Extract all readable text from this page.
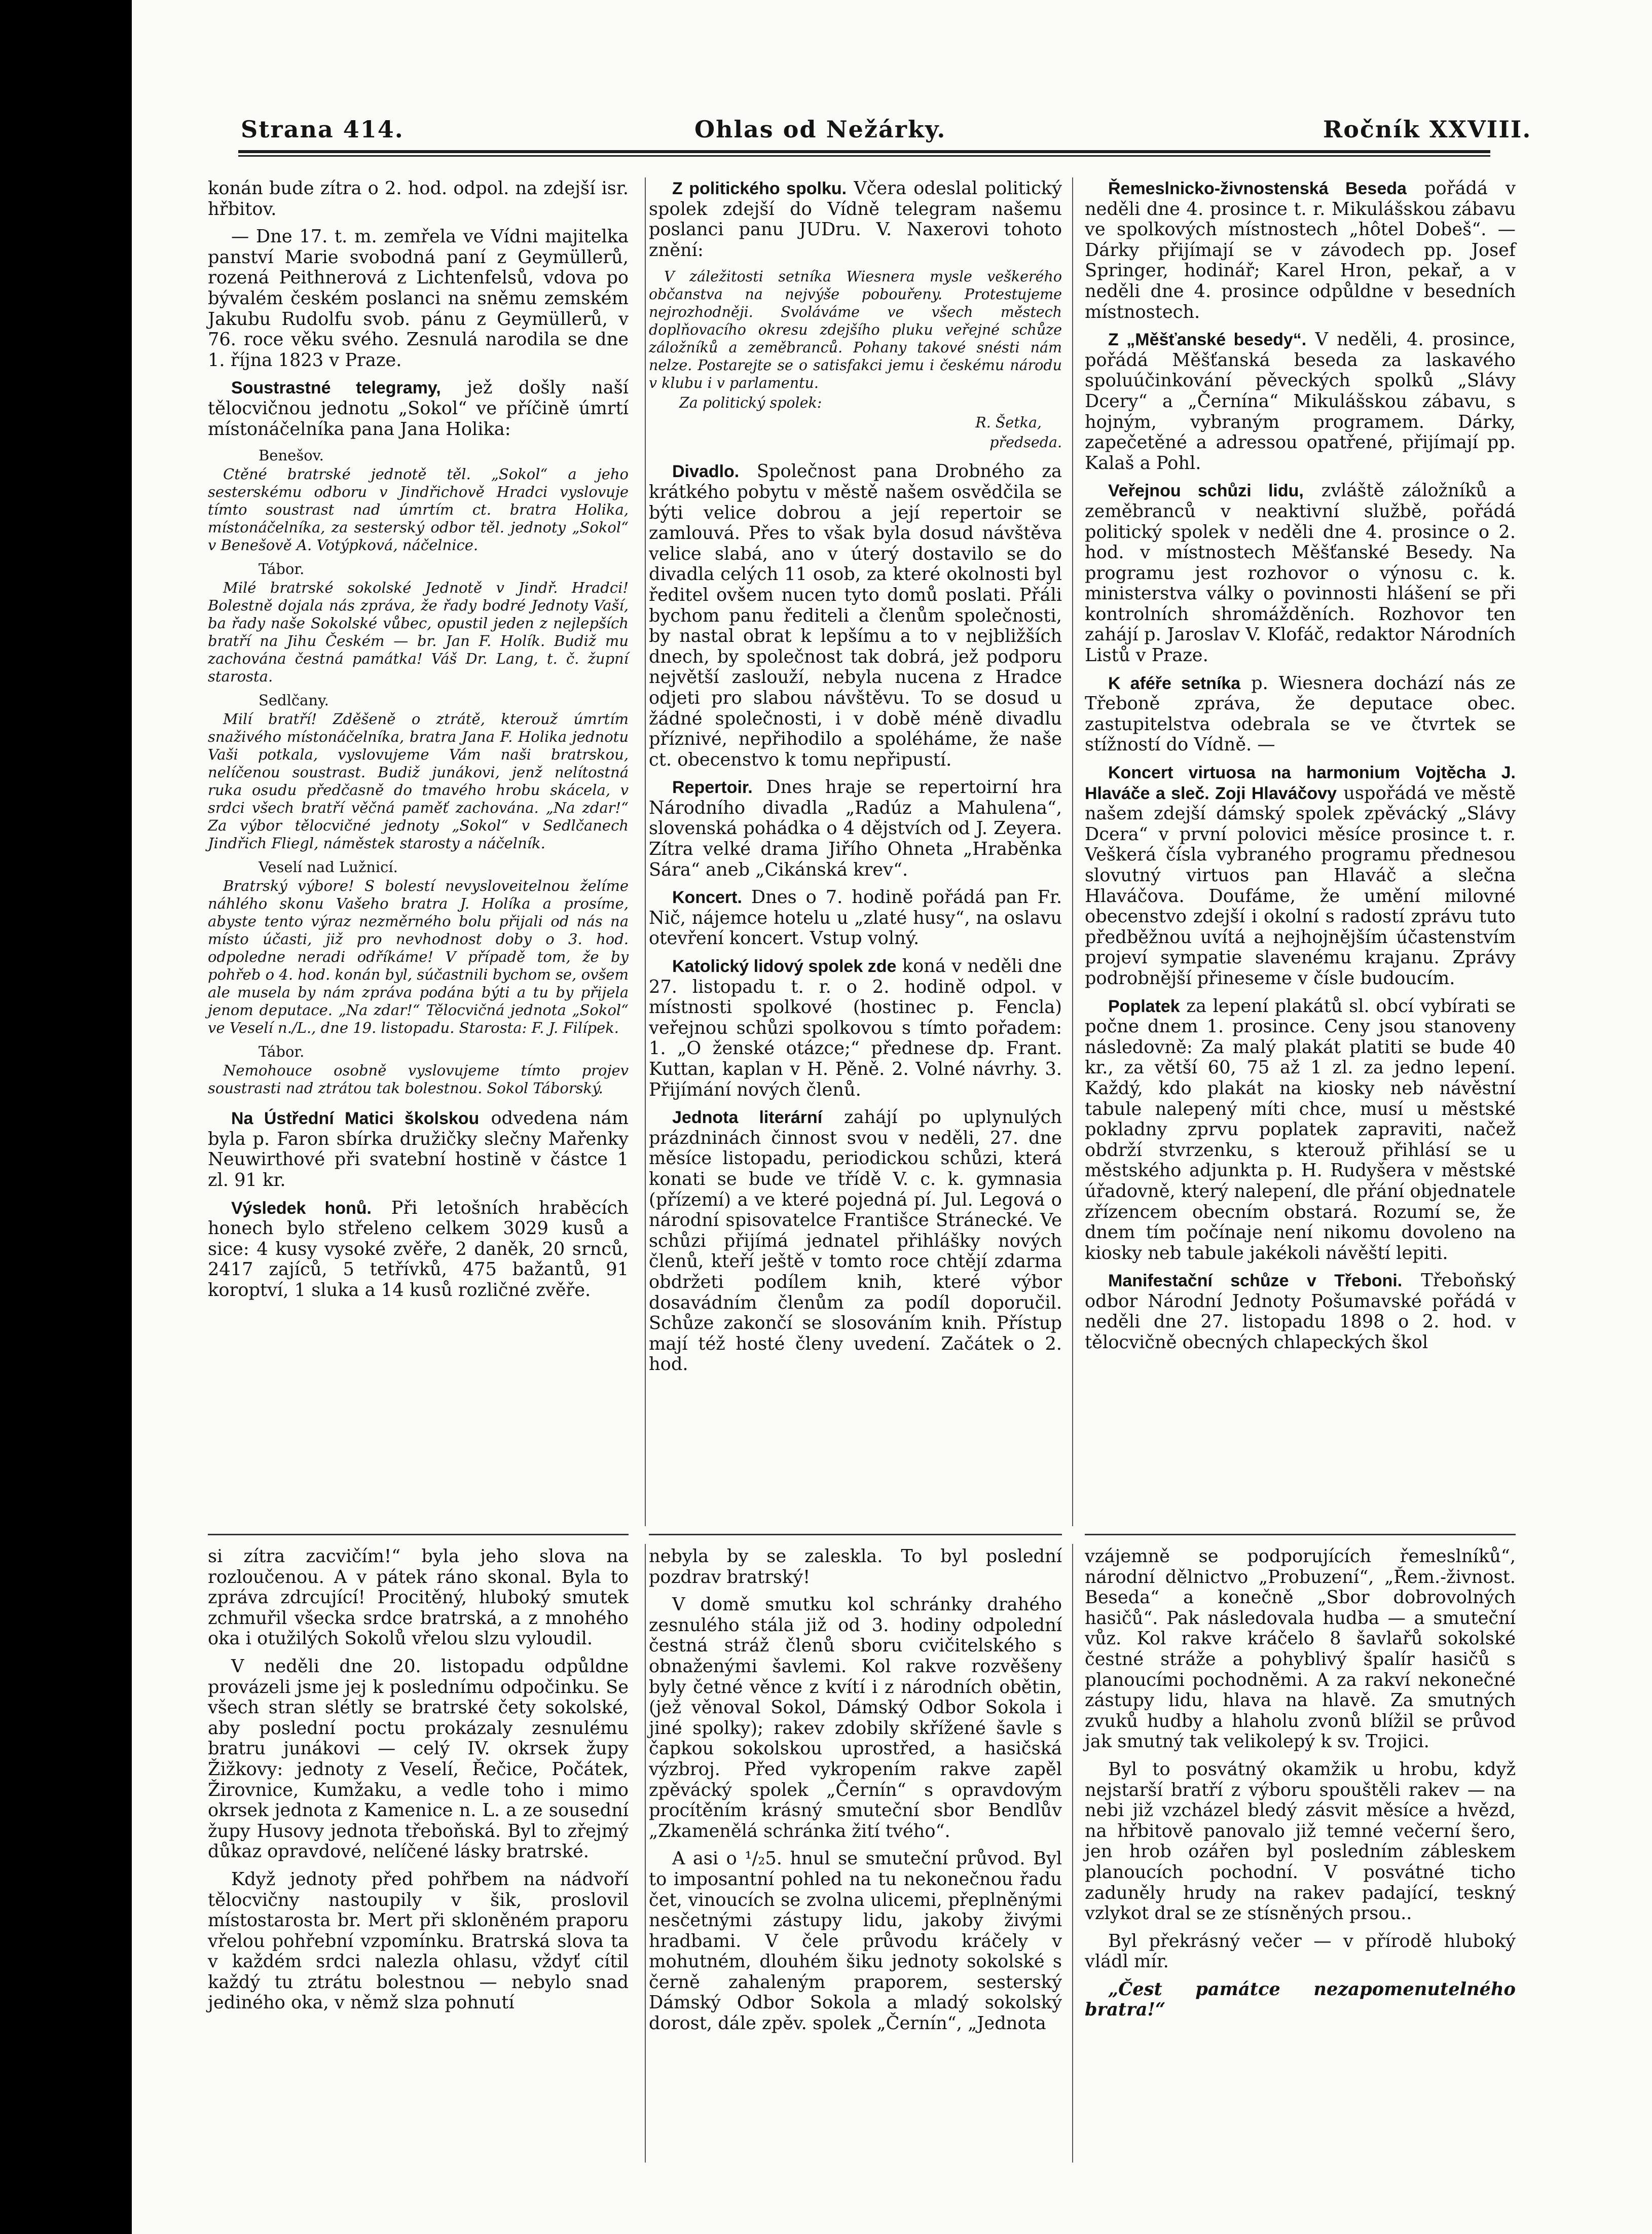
Strana 414.	Ohlas od Nežárky.	Ročník XXVIII.

konán bude zítra o 2. hod. odpol. na zdejší isr. hřbitov.

— Dne 17. t. m. zemřela ve Vídni majitelka panství Marie svobodná paní z Geymüllerů, rozená Peithnerová z Lichtenfelsů, vdova po bývalém českém poslanci na sněmu zemském Jakubu Rudolfu svob. pánu z Geymüllerů, v 76. roce věku svého. Zesnulá narodila se dne 1. října 1823 v Praze.

Soustrastné telegramy, jež došly naší tělocvičnou jednotu „Sokol“ ve příčině úmrtí místonáčelníka pana Jana Holika:

Benešov.

Ctěné bratrské jednotě těl. „Sokol“ a jeho sesterskému odboru v Jindřichově Hradci vyslovuje tímto soustrast nad úmrtím ct. bratra Holika, místonáčelníka, za sesterský odbor těl. jednoty „Sokol“ v Benešově A. Votýpková, náčelnice.

Tábor.

Milé bratrské sokolské Jednotě v Jindř. Hradci! Bolestně dojala nás zpráva, že řady bodré Jednoty Vaší, ba řady naše Sokolské vůbec, opustil jeden z nejlepších bratří na Jihu Českém — br. Jan F. Holík. Budiž mu zachována čestná památka! Váš Dr. Lang, t. č. župní starosta.

Sedlčany.

Milí bratří! Zděšeně o ztrátě, kterouž úmrtím snaživého místonáčelníka, bratra Jana F. Holika jednotu Vaši potkala, vyslovujeme Vám naši bratrskou, nelíčenou soustrast. Budiž junákovi, jenž nelítostná ruka osudu předčasně do tmavého hrobu skácela, v srdci všech bratří věčná paměť zachována. „Na zdar!“ Za výbor tělocvičné jednoty „Sokol“ v Sedlčanech Jindřich Fliegl, náměstek starosty a náčelník.

Veselí nad Lužnicí.

Bratrský výbore! S bolestí nevysloveitelnou želíme náhlého skonu Vašeho bratra J. Holíka a prosíme, abyste tento výraz nezměrného bolu přijali od nás na místo účasti, již pro nevhodnost doby o 3. hod. odpoledne neradi odříkáme! V případě tom, že by pohřeb o 4. hod. konán byl, súčastnili bychom se, ovšem ale musela by nám zpráva podána býti a tu by přijela jenom deputace. „Na zdar!“ Tělocvičná jednota „Sokol“ ve Veselí n./L., dne 19. listopadu. Starosta: F. J. Filípek.

Tábor.

Nemohouce osobně vyslovujeme tímto projev soustrasti nad ztrátou tak bolestnou. Sokol Táborský.

Na Ústřední Matici školskou odvedena nám byla p. Faron sbírka družičky slečny Mařenky Neuwirthové při svatební hostině v částce 1 zl. 91 kr.

Výsledek honů. Při letošních hraběcích honech bylo střeleno celkem 3029 kusů a sice: 4 kusy vysoké zvěře, 2 daněk, 20 srnců, 2417 zajíců, 5 tetřívků, 475 bažantů, 91 koroptví, 1 sluka a 14 kusů rozličné zvěře.

Z politického spolku. Včera odeslal politický spolek zdejší do Vídně telegram našemu poslanci panu JUDru. V. Naxerovi tohoto znění:

V záležitosti setníka Wiesnera mysle veškerého občanstva na nejvýše pobouřeny. Protestujeme nejrozhodněji. Svoláváme ve všech městech doplňovacího okresu zdejšího pluku veřejné schůze záložníků a zeměbranců. Pohany takové snésti nám nelze. Postarejte se o satisfakci jemu i českému národu v klubu i v parlamentu.

Za politický spolek:

R. Šetka,

předseda.

Divadlo. Společnost pana Drobného za krátkého pobytu v městě našem osvědčila se býti velice dobrou a její repertoir se zamlouvá. Přes to však byla dosud návštěva velice slabá, ano v úterý dostavilo se do divadla celých 11 osob, za které okolnosti byl ředitel ovšem nucen tyto domů poslati. Přáli bychom panu řediteli a členům společnosti, by nastal obrat k lepšímu a to v nejbližších dnech, by společnost tak dobrá, jež podporu největší zaslouží, nebyla nucena z Hradce odjeti pro slabou návštěvu. To se dosud u žádné společnosti, i v době méně divadlu příznivé, nepřihodilo a spoléháme, že naše ct. obecenstvo k tomu nepřipustí.

Repertoir. Dnes hraje se repertoirní hra Národního divadla „Radúz a Mahulena“, slovenská pohádka o 4 dějstvích od J. Zeyera. Zítra velké drama Jiřího Ohneta „Hraběnka Sára“ aneb „Cikánská krev“.

Koncert. Dnes o 7. hodině pořádá pan Fr. Nič, nájemce hotelu u „zlaté husy“, na oslavu otevření koncert. Vstup volný.

Katolický lidový spolek zde koná v neděli dne 27. listopadu t. r. o 2. hodině odpol. v místnosti spolkové (hostinec p. Fencla) veřejnou schůzi spolkovou s tímto pořadem: 1. „O ženské otázce;“ přednese dp. Frant. Kuttan, kaplan v H. Pěně. 2. Volné návrhy. 3. Přijímání nových členů.

Jednota literární zahájí po uplynulých prázdninách činnost svou v neděli, 27. dne měsíce listopadu, periodickou schůzi, která konati se bude ve třídě V. c. k. gymnasia (přízemí) a ve které pojedná pí. Jul. Legová o národní spisovatelce Františce Stránecké. Ve schůzi přijímá jednatel přihlášky nových členů, kteří ještě v tomto roce chtějí zdarma obdržeti podílem knih, které výbor dosavádním členům za podíl doporučil. Schůze zakončí se slosováním knih. Přístup mají též hosté členy uvedení. Začátek o 2. hod.

Řemeslnicko-živnostenská Beseda pořádá v neděli dne 4. prosince t. r. Mikulášskou zábavu ve spolkových místnostech „hôtel Dobeš“. — Dárky přijímají se v závodech pp. Josef Springer, hodinář; Karel Hron, pekař, a v neděli dne 4. prosince odpůldne v besedních místnostech.

Z „Měšťanské besedy“. V neděli, 4. prosince, pořádá Měšťanská beseda za laskavého spoluúčinkování pěveckých spolků „Slávy Dcery“ a „Černína“ Mikulášskou zábavu, s hojným, vybraným programem. Dárky, zapečetěné a adressou opatřené, přijímají pp. Kalaš a Pohl.

Veřejnou schůzi lidu, zvláště záložníků a zeměbranců v neaktivní službě, pořádá politický spolek v neděli dne 4. prosince o 2. hod. v místnostech Měšťanské Besedy. Na programu jest rozhovor o výnosu c. k. ministerstva války o povinnosti hlášení se při kontrolních shromážděních. Rozhovor ten zahájí p. Jaroslav V. Klofáč, redaktor Národních Listů v Praze.

K aféře setníka p. Wiesnera dochází nás ze Třeboně zpráva, že deputace obec. zastupitelstva odebrala se ve čtvrtek se stížností do Vídně. —

Koncert virtuosa na harmonium Vojtěcha J. Hlaváče a sleč. Zoji Hlaváčovy uspořádá ve městě našem zdejší dámský spolek zpěvácký „Slávy Dcera“ v první polovici měsíce prosince t. r. Veškerá čísla vybraného programu přednesou slovutný virtuos pan Hlaváč a slečna Hlaváčova. Doufáme, že umění milovné obecenstvo zdejší i okolní s radostí zprávu tuto předběžnou uvítá a nejhojnějším účastenstvím projeví sympatie slavenému krajanu. Zprávy podrobnější přineseme v čísle budoucím.

Poplatek za lepení plakátů sl. obcí vybírati se počne dnem 1. prosince. Ceny jsou stanoveny následovně: Za malý plakát platiti se bude 40 kr., za větší 60, 75 až 1 zl. za jedno lepení. Každý, kdo plakát na kiosky neb návěstní tabule nalepený míti chce, musí u městské pokladny zprvu poplatek zapraviti, načež obdrží stvrzenku, s kterouž přihlásí se u městského adjunkta p. H. Rudyšera v městské úřadovně, který nalepení, dle přání objednatele zřízencem obecním obstará. Rozumí se, že dnem tím počínaje není nikomu dovoleno na kiosky neb tabule jakékoli návěští lepiti.

Manifestační schůze v Třeboni. Třeboňský odbor Národní Jednoty Pošumavské pořádá v neděli dne 27. listopadu 1898 o 2. hod. v tělocvičně obecných chlapeckých škol

si zítra zacvičím!“ byla jeho slova na rozloučenou. A v pátek ráno skonal. Byla to zpráva zdrcující! Procitěný, hluboký smutek zchmuřil všecka srdce bratrská, a z mnohého oka i otužilých Sokolů vřelou slzu vyloudil.

V neděli dne 20. listopadu odpůldne provázeli jsme jej k poslednímu odpočinku. Se všech stran slétly se bratrské čety sokolské, aby poslední poctu prokázaly zesnulému bratru junákovi — celý IV. okrsek župy Žižkovy: jednoty z Veselí, Řečice, Počátek, Žirovnice, Kumžaku, a vedle toho i mimo okrsek jednota z Kamenice n. L. a ze sousední župy Husovy jednota třeboňská. Byl to zřejmý důkaz opravdové, nelíčené lásky bratrské.

Když jednoty před pohřbem na nádvoří tělocvičny nastoupily v šik, proslovil místostarosta br. Mert při skloněném praporu vřelou pohřební vzpomínku. Bratrská slova ta v každém srdci nalezla ohlasu, vždyť cítil každý tu ztrátu bolestnou — nebylo snad jediného oka, v němž slza pohnutí

nebyla by se zaleskla. To byl poslední pozdrav bratrský!

V domě smutku kol schránky drahého zesnulého stála již od 3. hodiny odpolední čestná stráž členů sboru cvičitelského s obnaženými šavlemi. Kol rakve rozvěšeny byly četné věnce z kvítí i z národních obětin, (jež věnoval Sokol, Dámský Odbor Sokola i jiné spolky); rakev zdobily skřížené šavle s čapkou sokolskou uprostřed, a hasičská výzbroj. Před vykropením rakve zapěl zpěvácký spolek „Černín“ s opravdovým procítěním krásný smuteční sbor Bendlův „Zkamenělá schránka žití tvého“.

A asi o ¹/₂5. hnul se smuteční průvod. Byl to imposantní pohled na tu nekonečnou řadu čet, vinoucích se zvolna ulicemi, přeplněnými nesčetnými zástupy lidu, jakoby živými hradbami. V čele průvodu kráčely v mohutném, dlouhém šiku jednoty sokolské s černě zahaleným praporem, sesterský Dámský Odbor Sokola a mladý sokolský dorost, dále zpěv. spolek „Černín“, „Jednota

vzájemně se podporujících řemeslníků“, národní dělnictvo „Probuzení“, „Řem.-živnost. Beseda“ a konečně „Sbor dobrovolných hasičů“. Pak následovala hudba — a smuteční vůz. Kol rakve kráčelo 8 šavlařů sokolské čestné stráže a pohyblivý špalír hasičů s planoucími pochodněmi. A za rakví nekonečné zástupy lidu, hlava na hlavě. Za smutných zvuků hudby a hlaholu zvonů blížil se průvod jak smutný tak velikolepý k sv. Trojici.

Byl to posvátný okamžik u hrobu, když nejstarší bratří z výboru spouštěli rakev — na nebi již vzcházel bledý zásvit měsíce a hvězd, na hřbitově panovalo již temné večerní šero, jen hrob ozářen byl posledním zábleskem planoucích pochodní. V posvátné ticho zaduněly hrudy na rakev padající, teskný vzlykot dral se ze stísněných prsou..

Byl překrásný večer — v přírodě hluboký vládl mír.

„Čest památce nezapomenutelného bratra!“
